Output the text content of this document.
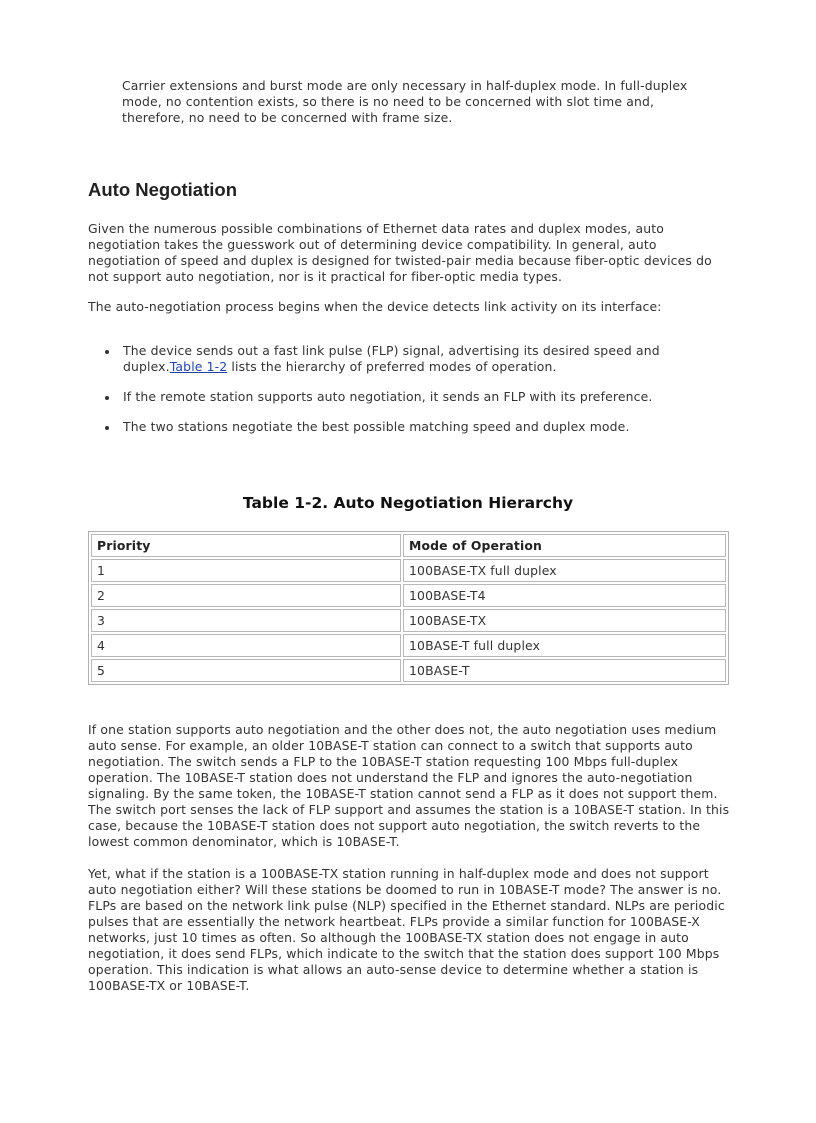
Carrier extensions and burst mode are only necessary in half-duplex mode. In full-duplex mode, no contention exists, so there is no need to be concerned with slot time and, therefore, no need to be concerned with frame size.

Auto Negotiation

Given the numerous possible combinations of Ethernet data rates and duplex modes, auto negotiation takes the guesswork out of determining device compatibility. In general, auto negotiation of speed and duplex is designed for twisted-pair media because fiber-optic devices do not support auto negotiation, nor is it practical for fiber-optic media types.

The auto-negotiation process begins when the device detects link activity on its interface:

The device sends out a fast link pulse (FLP) signal, advertising its desired speed and duplex.Table 1-2 lists the hierarchy of preferred modes of operation.
If the remote station supports auto negotiation, it sends an FLP with its preference.
The two stations negotiate the best possible matching speed and duplex mode.

Table 1-2. Auto Negotiation Hierarchy

Priority	Mode of Operation
1	100BASE-TX full duplex
2	100BASE-T4
3	100BASE-TX
4	10BASE-T full duplex
5	10BASE-T

If one station supports auto negotiation and the other does not, the auto negotiation uses medium auto sense. For example, an older 10BASE-T station can connect to a switch that supports auto negotiation. The switch sends a FLP to the 10BASE-T station requesting 100 Mbps full-duplex operation. The 10BASE-T station does not understand the FLP and ignores the auto-negotiation signaling. By the same token, the 10BASE-T station cannot send a FLP as it does not support them. The switch port senses the lack of FLP support and assumes the station is a 10BASE-T station. In this case, because the 10BASE-T station does not support auto negotiation, the switch reverts to the lowest common denominator, which is 10BASE-T.

Yet, what if the station is a 100BASE-TX station running in half-duplex mode and does not support auto negotiation either? Will these stations be doomed to run in 10BASE-T mode? The answer is no. FLPs are based on the network link pulse (NLP) specified in the Ethernet standard. NLPs are periodic pulses that are essentially the network heartbeat. FLPs provide a similar function for 100BASE-X networks, just 10 times as often. So although the 100BASE-TX station does not engage in auto negotiation, it does send FLPs, which indicate to the switch that the station does support 100 Mbps operation. This indication is what allows an auto-sense device to determine whether a station is 100BASE-TX or 10BASE-T.
